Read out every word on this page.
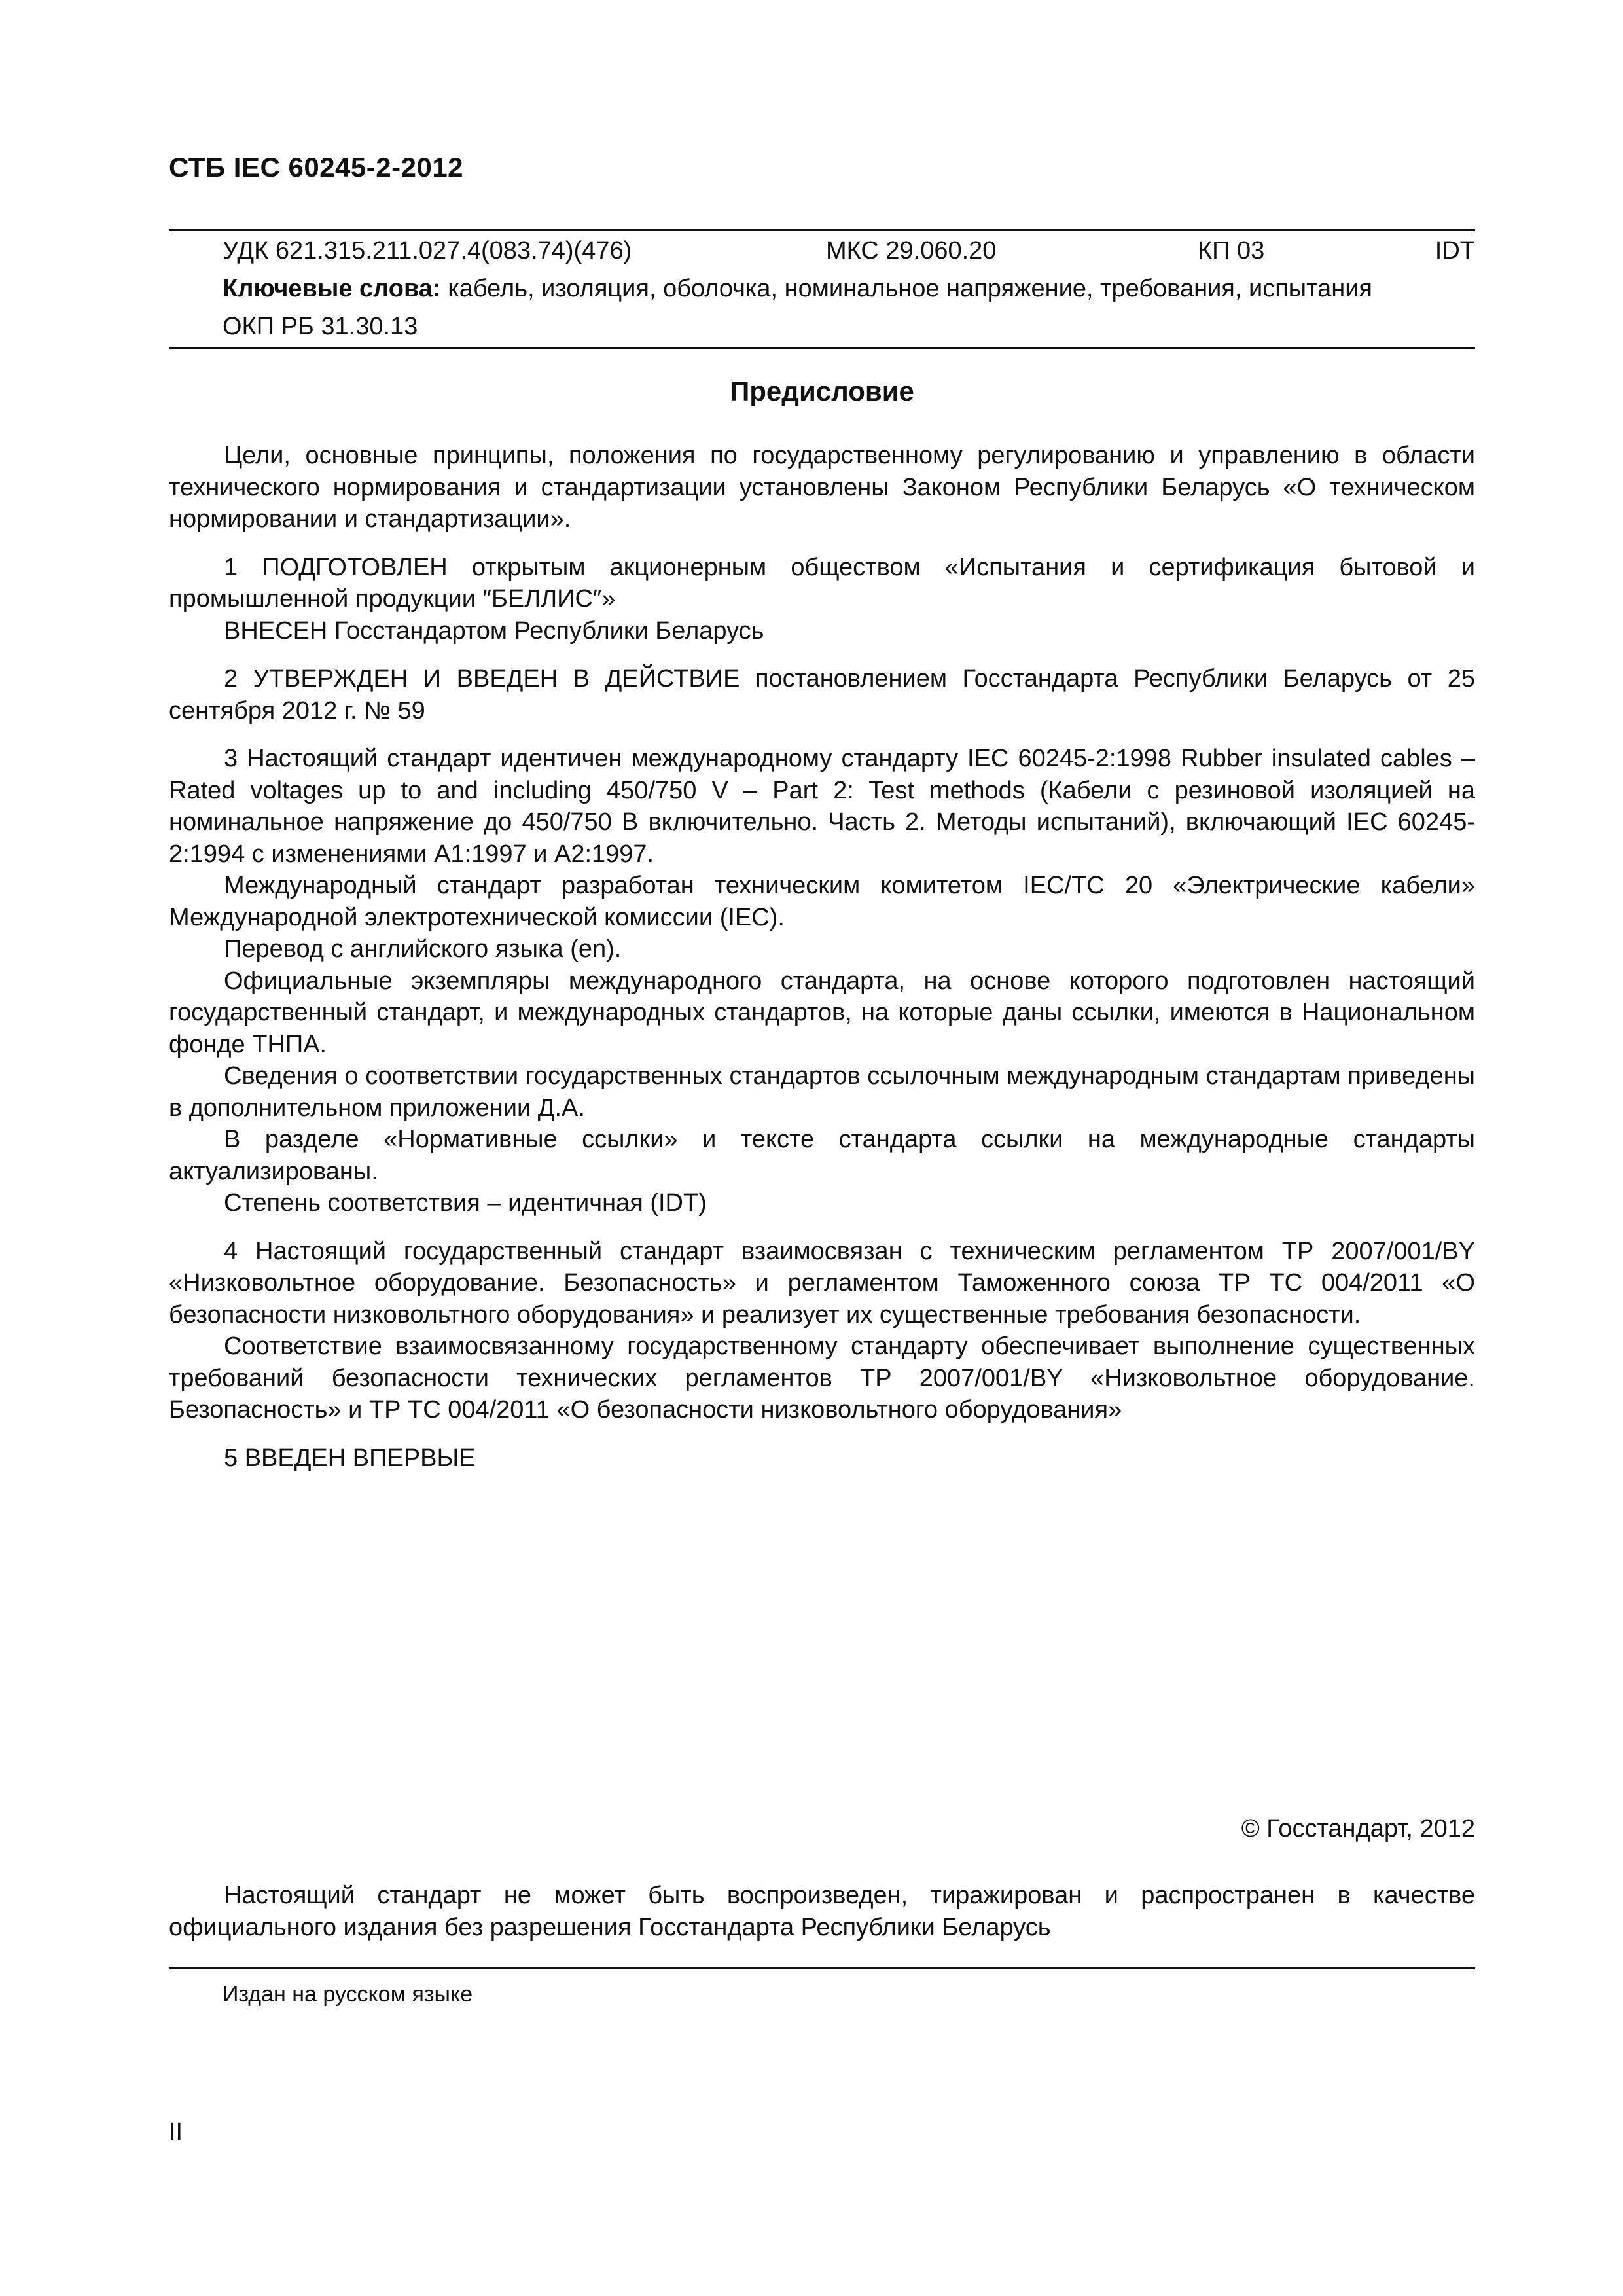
СТБ IEC 60245-2-2012
УДК 621.315.211.027.4(083.74)(476)	МКС 29.060.20	КП 03	IDT
Ключевые слова: кабель, изоляция, оболочка, номинальное напряжение, требования, испытания
ОКП РБ 31.30.13
Предисловие

Цели, основные принципы, положения по государственному регулированию и управлению в области технического нормирования и стандартизации установлены Законом Республики Беларусь «О техническом нормировании и стандартизации».

1 ПОДГОТОВЛЕН открытым акционерным обществом «Испытания и сертификация бытовой и промышленной продукции ″БЕЛЛИС″»

ВНЕСЕН Госстандартом Республики Беларусь

2 УТВЕРЖДЕН И ВВЕДЕН В ДЕЙСТВИЕ постановлением Госстандарта Республики Беларусь от 25 сентября 2012 г. № 59

3 Настоящий стандарт идентичен международному стандарту IEC 60245-2:1998 Rubber insulated cables – Rated voltages up to and including 450/750 V – Part 2: Test methods (Кабели с резиновой изоляцией на номинальное напряжение до 450/750 В включительно. Часть 2. Методы испытаний), включающий IEC 60245-2:1994 с изменениями А1:1997 и А2:1997.

Международный стандарт разработан техническим комитетом IEC/TC 20 «Электрические кабели» Международной электротехнической комиссии (IEC).

Перевод с английского языка (en).

Официальные экземпляры международного стандарта, на основе которого подготовлен настоящий государственный стандарт, и международных стандартов, на которые даны ссылки, имеются в Национальном фонде ТНПА.

Сведения о соответствии государственных стандартов ссылочным международным стандартам приведены в дополнительном приложении Д.А.

В разделе «Нормативные ссылки» и тексте стандарта ссылки на международные стандарты актуализированы.

Степень соответствия – идентичная (IDT)

4 Настоящий государственный стандарт взаимосвязан с техническим регламентом ТР 2007/001/BY «Низковольтное оборудование. Безопасность» и регламентом Таможенного союза ТР ТС 004/2011 «О безопасности низковольтного оборудования» и реализует их существенные требования безопасности.

Соответствие взаимосвязанному государственному стандарту обеспечивает выполнение существенных требований безопасности технических регламентов ТР 2007/001/BY «Низковольтное оборудование. Безопасность» и ТР ТС 004/2011 «О безопасности низковольтного оборудования»

5 ВВЕДЕН ВПЕРВЫЕ

© Госстандарт, 2012
Настоящий стандарт не может быть воспроизведен, тиражирован и распространен в качестве официального издания без разрешения Госстандарта Республики Беларусь
Издан на русском языке
II
